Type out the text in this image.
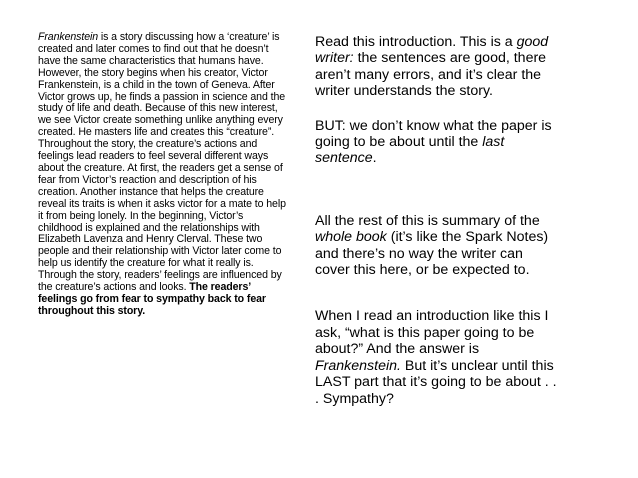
Frankenstein is a story discussing how a ‘creature’ is created and later comes to find out that he doesn’t have the same characteristics that humans have. However, the story begins when his creator, Victor Frankenstein, is a child in the town of Geneva. After Victor grows up, he finds a passion in science and the study of life and death. Because of this new interest, we see Victor create something unlike anything every created. He masters life and creates this “creature”. Throughout the story, the creature’s actions and feelings lead readers to feel several different ways about the creature. At first, the readers get a sense of fear from Victor’s reaction and description of his creation. Another instance that helps the creature reveal its traits is when it asks victor for a mate to help it from being lonely. In the beginning, Victor’s childhood is explained and the relationships with Elizabeth Lavenza and Henry Clerval. These two people and their relationship with Victor later come to help us identify the creature for what it really is. Through the story, readers’ feelings are influenced by the creature’s actions and looks. The readers’ feelings go from fear to sympathy back to fear throughout this story.

Read this introduction. This is a good writer: the sentences are good, there aren’t many errors, and it’s clear the writer understands the story.

BUT: we don’t know what the paper is going to be about until the last sentence.

All the rest of this is summary of the whole book (it’s like the Spark Notes) and there’s no way the writer can cover this here, or be expected to.

When I read an introduction like this I ask, “what is this paper going to be about?” And the answer is Frankenstein. But it’s unclear until this LAST part that it’s going to be about . . . Sympathy?
